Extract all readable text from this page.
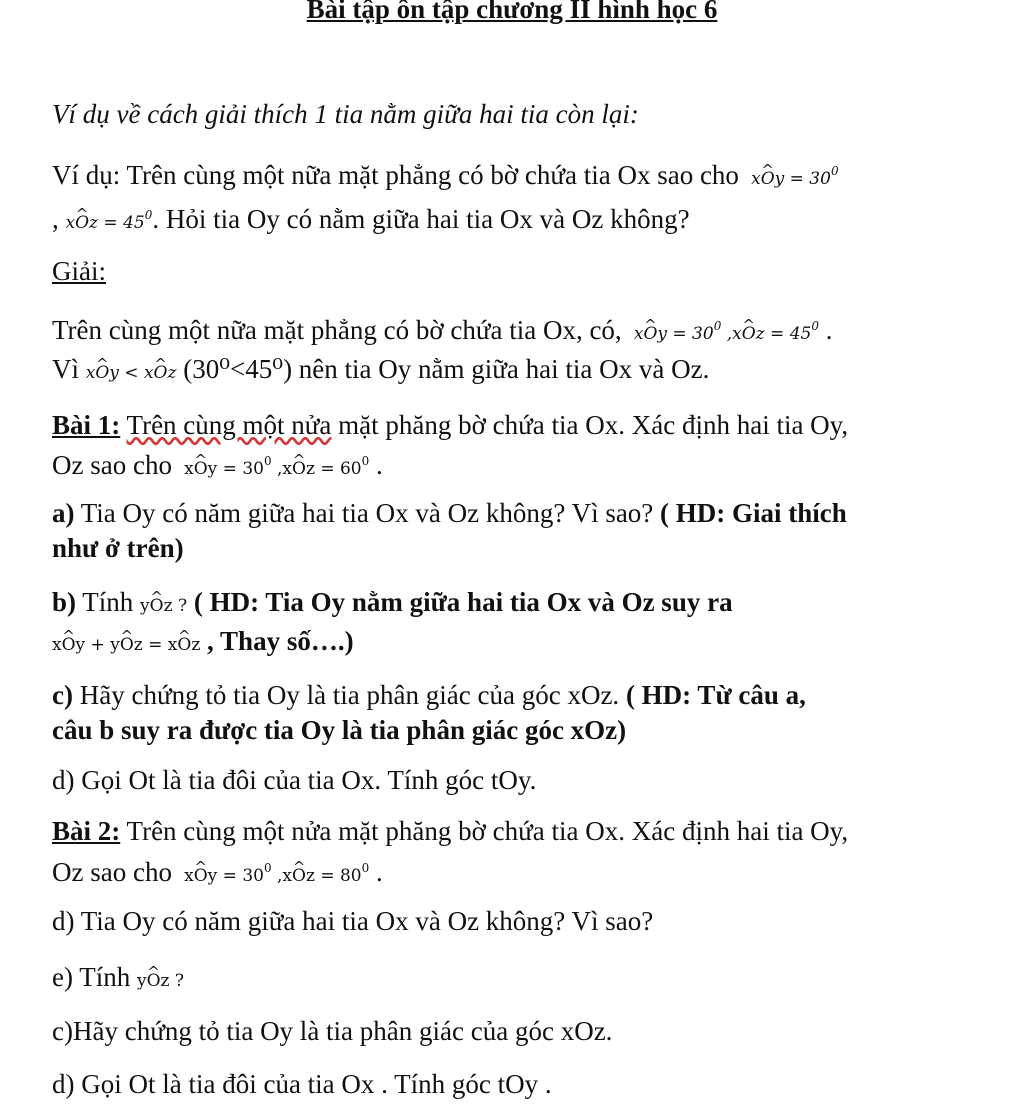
Bài tập ôn tập chương II hình học 6
Ví dụ về cách giải thích 1 tia nằm giữa hai tia còn lại:
Ví dụ: Trên cùng một nữa mặt phẳng có bờ chứa tia Ox sao cho x^ $Oy = 30^0$
, x^ $Oz = 45^0$. Hỏi tia Oy có nằm giữa hai tia Ox và Oz không?
Giải:
Trên cùng một nữa mặt phẳng có bờ chứa tia Ox, có, x^ $Oy = 30^0$ ,x^ $Oz = 45^0$ .
Vì x^ Oy < x^ Oz (30⁰<45⁰) nên tia Oy nằm giữa hai tia Ox và Oz.
Bài 1: Trên cùng một nửa mặt phăng bờ chứa tia Ox. Xác định hai tia Oy,
Oz sao cho x^ $Oy = 30^0$ ,x^ $Oz = 60^0$ .
a) Tia Oy có năm giữa hai tia Ox và Oz không? Vì sao? ( HD: Giai thích
như ở trên)
b) Tính y^ Oz ? ( HD: Tia Oy nằm giữa hai tia Ox và Oz suy ra
x^ Oy + y^ Oz = x^ Oz , Thay số….)
c) Hãy chứng tỏ tia Oy là tia phân giác của góc xOz. ( HD: Từ câu a,
câu b suy ra được tia Oy là tia phân giác góc xOz)
d) Gọi Ot là tia đôi của tia Ox. Tính góc tOy.
Bài 2: Trên cùng một nửa mặt phăng bờ chứa tia Ox. Xác định hai tia Oy,
Oz sao cho x^ $Oy = 30^0$ ,x^ $Oz = 80^0$ .
d) Tia Oy có năm giữa hai tia Ox và Oz không? Vì sao?
e) Tính y^ Oz ?
c)Hãy chứng tỏ tia Oy là tia phân giác của góc xOz.
d) Gọi Ot là tia đôi của tia Ox . Tính góc tOy .
